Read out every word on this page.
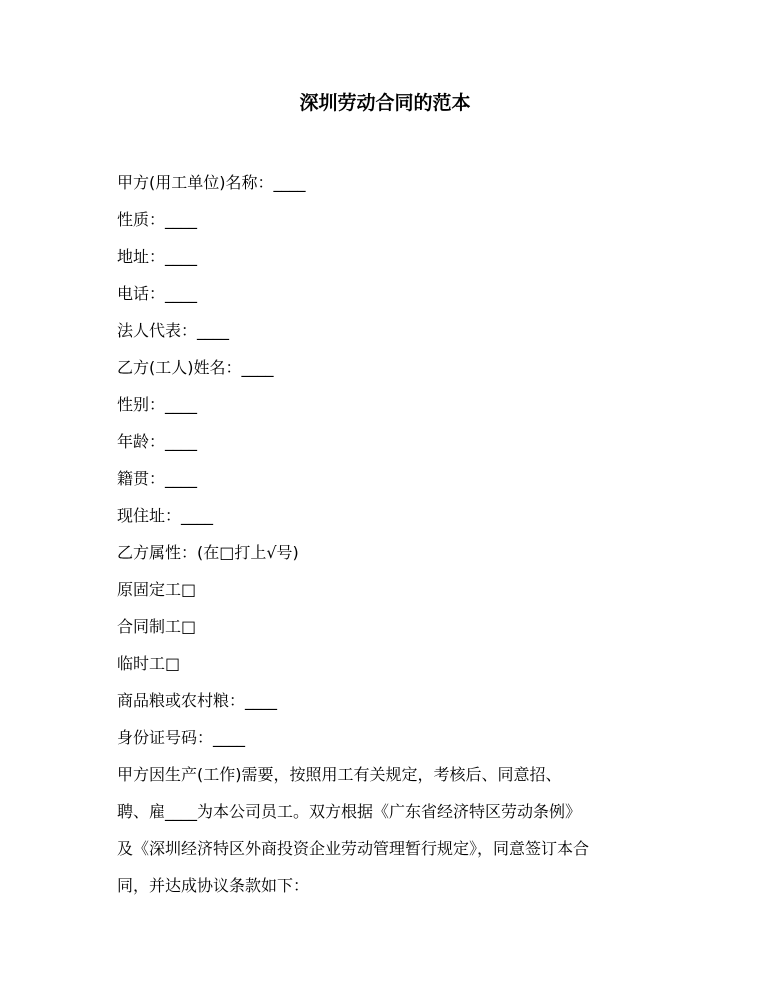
深圳劳动合同的范本

甲方(用工单位)名称：____

性质：____

地址：____

电话：____

法人代表：____

乙方(工人)姓名：____

性别：____

年龄：____

籍贯：____

现住址：____

乙方属性：(在□打上√号)

原固定工□

合同制工□

临时工□

商品粮或农村粮：____

身份证号码：____

甲方因生产(工作)需要，按照用工有关规定，考核后、同意招、

聘、雇____为本公司员工。双方根据《广东省经济特区劳动条例》

及《深圳经济特区外商投资企业劳动管理暂行规定》，同意签订本合

同，并达成协议条款如下：
